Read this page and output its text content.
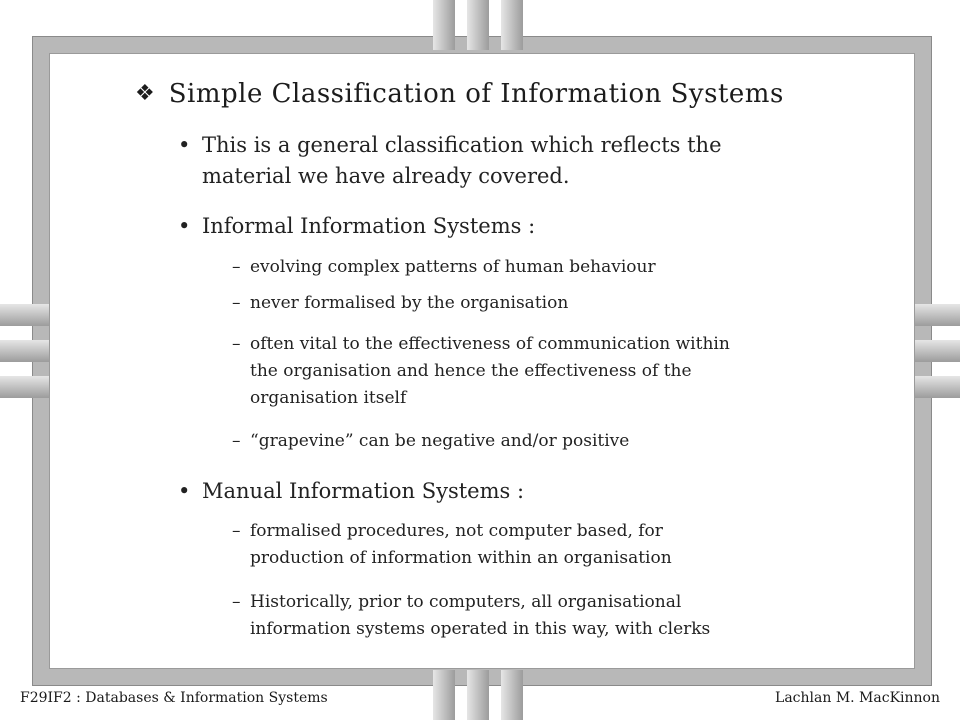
❖ Simple Classification of Information Systems
• This is a general classification which reflects the
material we have already covered.
• Informal Information Systems :
– evolving complex patterns of human behaviour
– never formalised by the organisation
– often vital to the effectiveness of communication within
the organisation and hence the effectiveness of the
organisation itself
– “grapevine” can be negative and/or positive
• Manual Information Systems :
– formalised procedures, not computer based, for
production of information within an organisation
– Historically, prior to computers, all organisational
information systems operated in this way, with clerks
F29IF2 : Databases & Information Systems	Lachlan M. MacKinnon
